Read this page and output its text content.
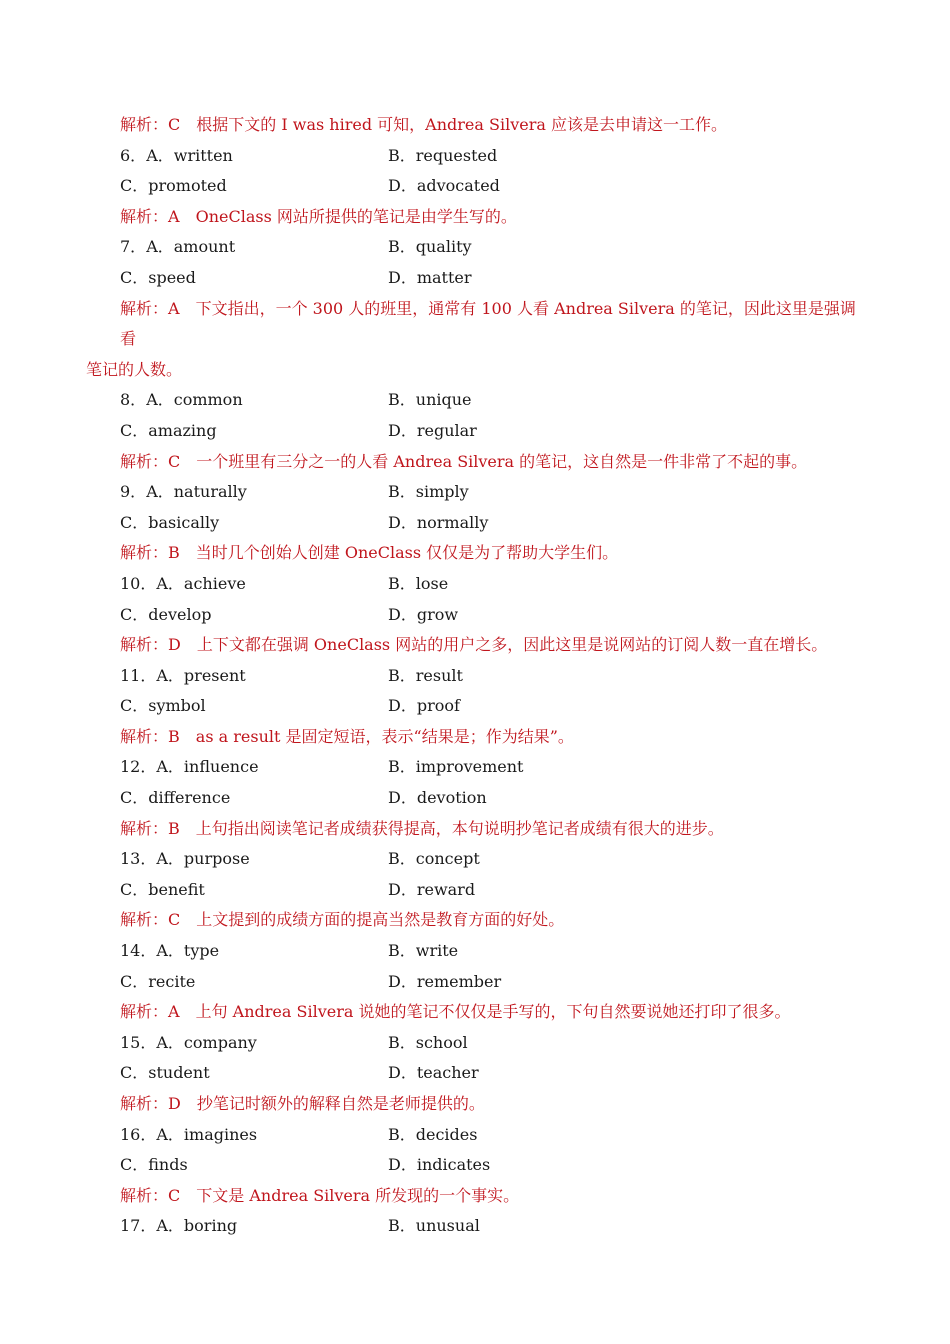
解析：C 根据下文的 I was hired 可知，Andrea Silvera 应该是去申请这一工作。
6．A．written	B．requested
C．promoted	D．advocated
解析：A OneClass 网站所提供的笔记是由学生写的。
7．A．amount	B．quality
C．speed	D．matter
解析：A 下文指出，一个 300 人的班里，通常有 100 人看 Andrea Silvera 的笔记，因此这里是强调看
笔记的人数。
8．A．common	B．unique
C．amazing	D．regular
解析：C 一个班里有三分之一的人看 Andrea Silvera 的笔记，这自然是一件非常了不起的事。
9．A．naturally	B．simply
C．basically	D．normally
解析：B 当时几个创始人创建 OneClass 仅仅是为了帮助大学生们。
10．A．achieve	B．lose
C．develop	D．grow
解析：D 上下文都在强调 OneClass 网站的用户之多，因此这里是说网站的订阅人数一直在增长。
11．A．present	B．result
C．symbol	D．proof
解析：B as a result 是固定短语，表示“结果是；作为结果”。
12．A．influence	B．improvement
C．difference	D．devotion
解析：B 上句指出阅读笔记者成绩获得提高，本句说明抄笔记者成绩有很大的进步。
13．A．purpose	B．concept
C．benefit	D．reward
解析：C 上文提到的成绩方面的提高当然是教育方面的好处。
14．A．type	B．write
C．recite	D．remember
解析：A 上句 Andrea Silvera 说她的笔记不仅仅是手写的，下句自然要说她还打印了很多。
15．A．company	B．school
C．student	D．teacher
解析：D 抄笔记时额外的解释自然是老师提供的。
16．A．imagines	B．decides
C．finds	D．indicates
解析：C 下文是 Andrea Silvera 所发现的一个事实。
17．A．boring	B．unusual
